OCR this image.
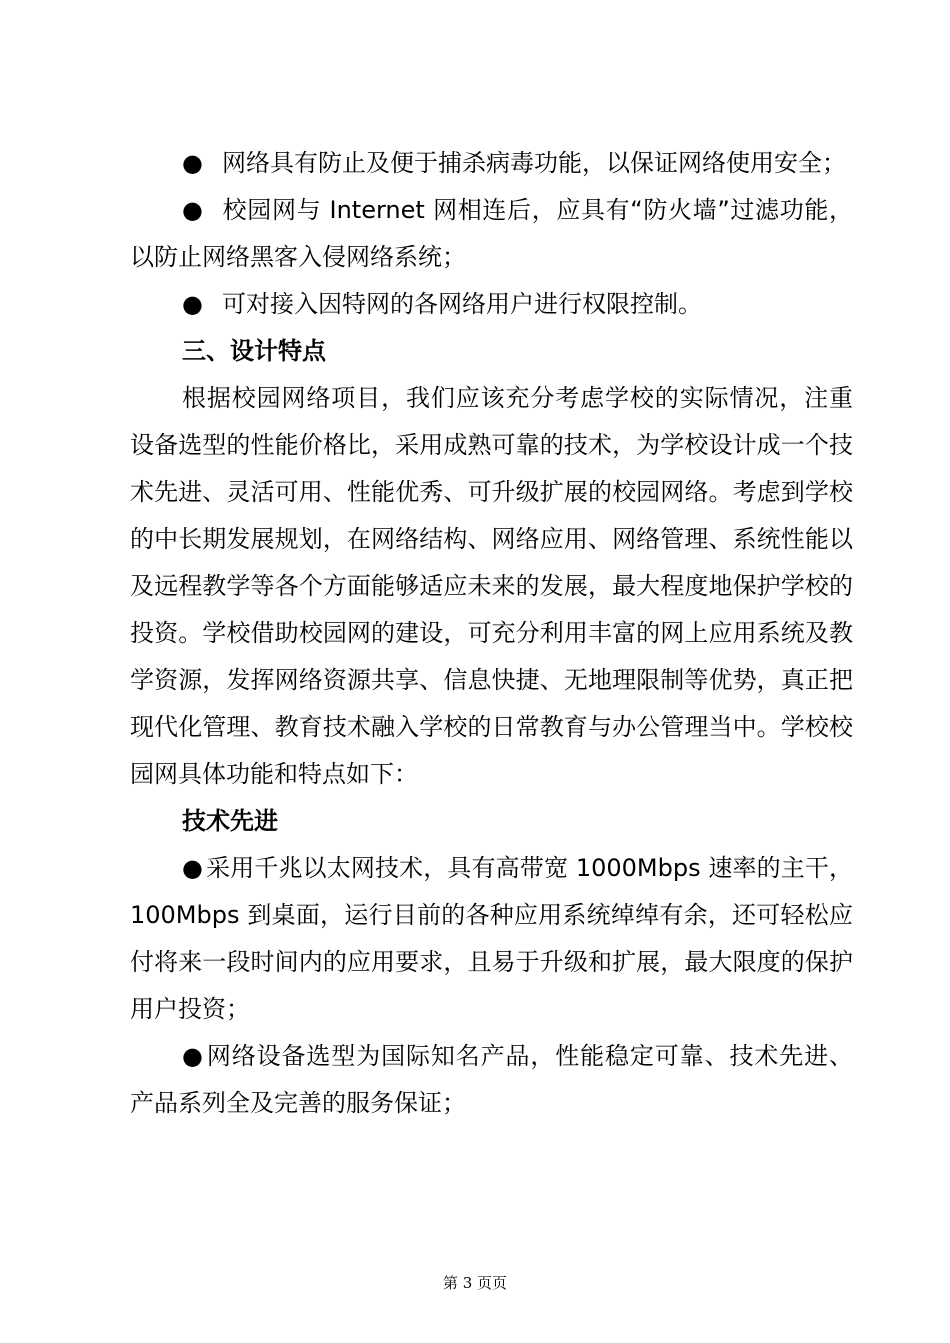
● 网络具有防止及便于捕杀病毒功能，以保证网络使用安全；

● 校园网与 Internet 网相连后，应具有“防火墙”过滤功能，以防止网络黑客入侵网络系统；

● 可对接入因特网的各网络用户进行权限控制。

三、设计特点

根据校园网络项目，我们应该充分考虑学校的实际情况，注重设备选型的性能价格比，采用成熟可靠的技术，为学校设计成一个技术先进、灵活可用、性能优秀、可升级扩展的校园网络。考虑到学校的中长期发展规划，在网络结构、网络应用、网络管理、系统性能以及远程教学等各个方面能够适应未来的发展，最大程度地保护学校的投资。学校借助校园网的建设，可充分利用丰富的网上应用系统及教学资源，发挥网络资源共享、信息快捷、无地理限制等优势，真正把现代化管理、教育技术融入学校的日常教育与办公管理当中。学校校园网具体功能和特点如下：

技术先进

● 采用千兆以太网技术，具有高带宽 1000Mbps 速率的主干，100Mbps 到桌面，运行目前的各种应用系统绰绰有余，还可轻松应付将来一段时间内的应用要求，且易于升级和扩展，最大限度的保护用户投资；

● 网络设备选型为国际知名产品，性能稳定可靠、技术先进、产品系列全及完善的服务保证；

第 3 页页
